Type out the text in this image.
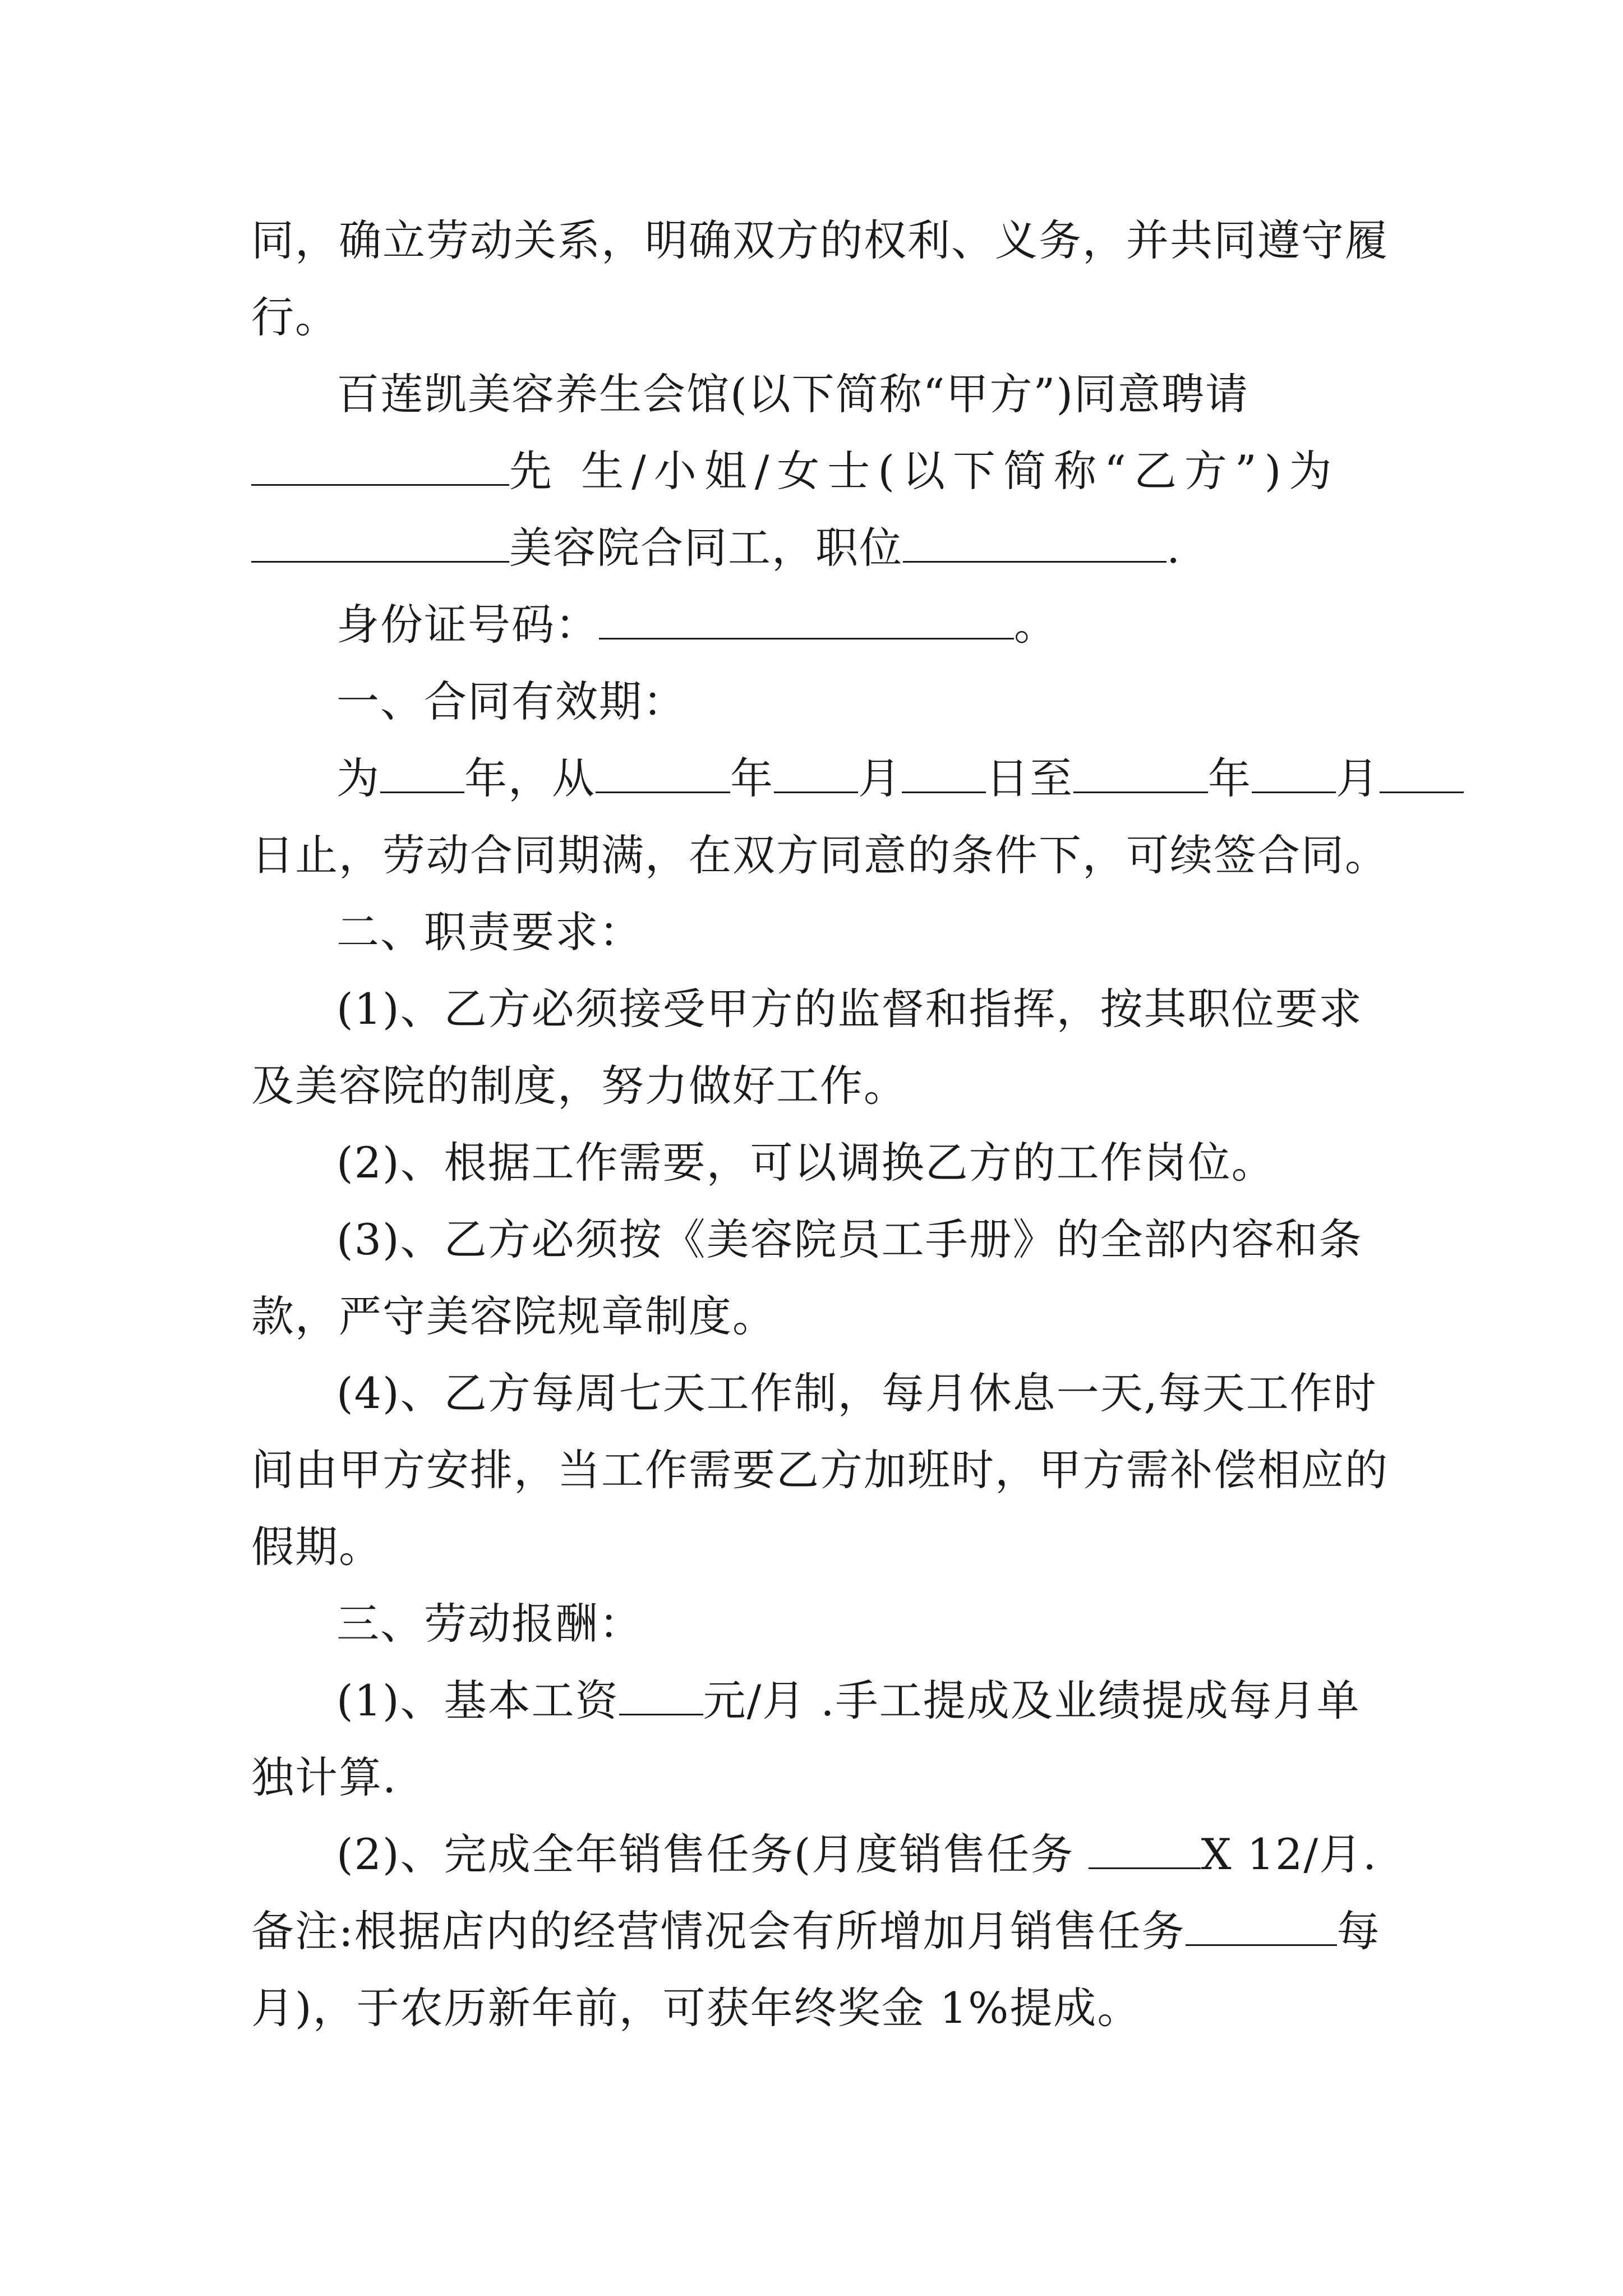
同，确立劳动关系，明确双方的权利、义务，并共同遵守履
行。
百莲凯美容养生会馆(以下简称“甲方”)同意聘请
先 生/小姐/女士(以下简称“乙方”)为
美容院合同工，职位	.
身份证号码：	。
一、合同有效期：
为 年，从	年 月 日至	年 月
日止，劳动合同期满，在双方同意的条件下，可续签合同。
二、职责要求：
(1)、乙方必须接受甲方的监督和指挥，按其职位要求
及美容院的制度，努力做好工作。
(2)、根据工作需要，可以调换乙方的工作岗位。
(3)、乙方必须按《美容院员工手册》的全部内容和条
款，严守美容院规章制度。
(4)、乙方每周七天工作制，每月休息一天,每天工作时
间由甲方安排，当工作需要乙方加班时，甲方需补偿相应的
假期。
三、劳动报酬：
(1)、基本工资 元/月 .手工提成及业绩提成每月单
独计算.
(2)、完成全年销售任务(月度销售任务	X 12/月.
备注:根据店内的经营情况会有所增加月销售任务	每
月)，于农历新年前，可获年终奖金 1%提成。
